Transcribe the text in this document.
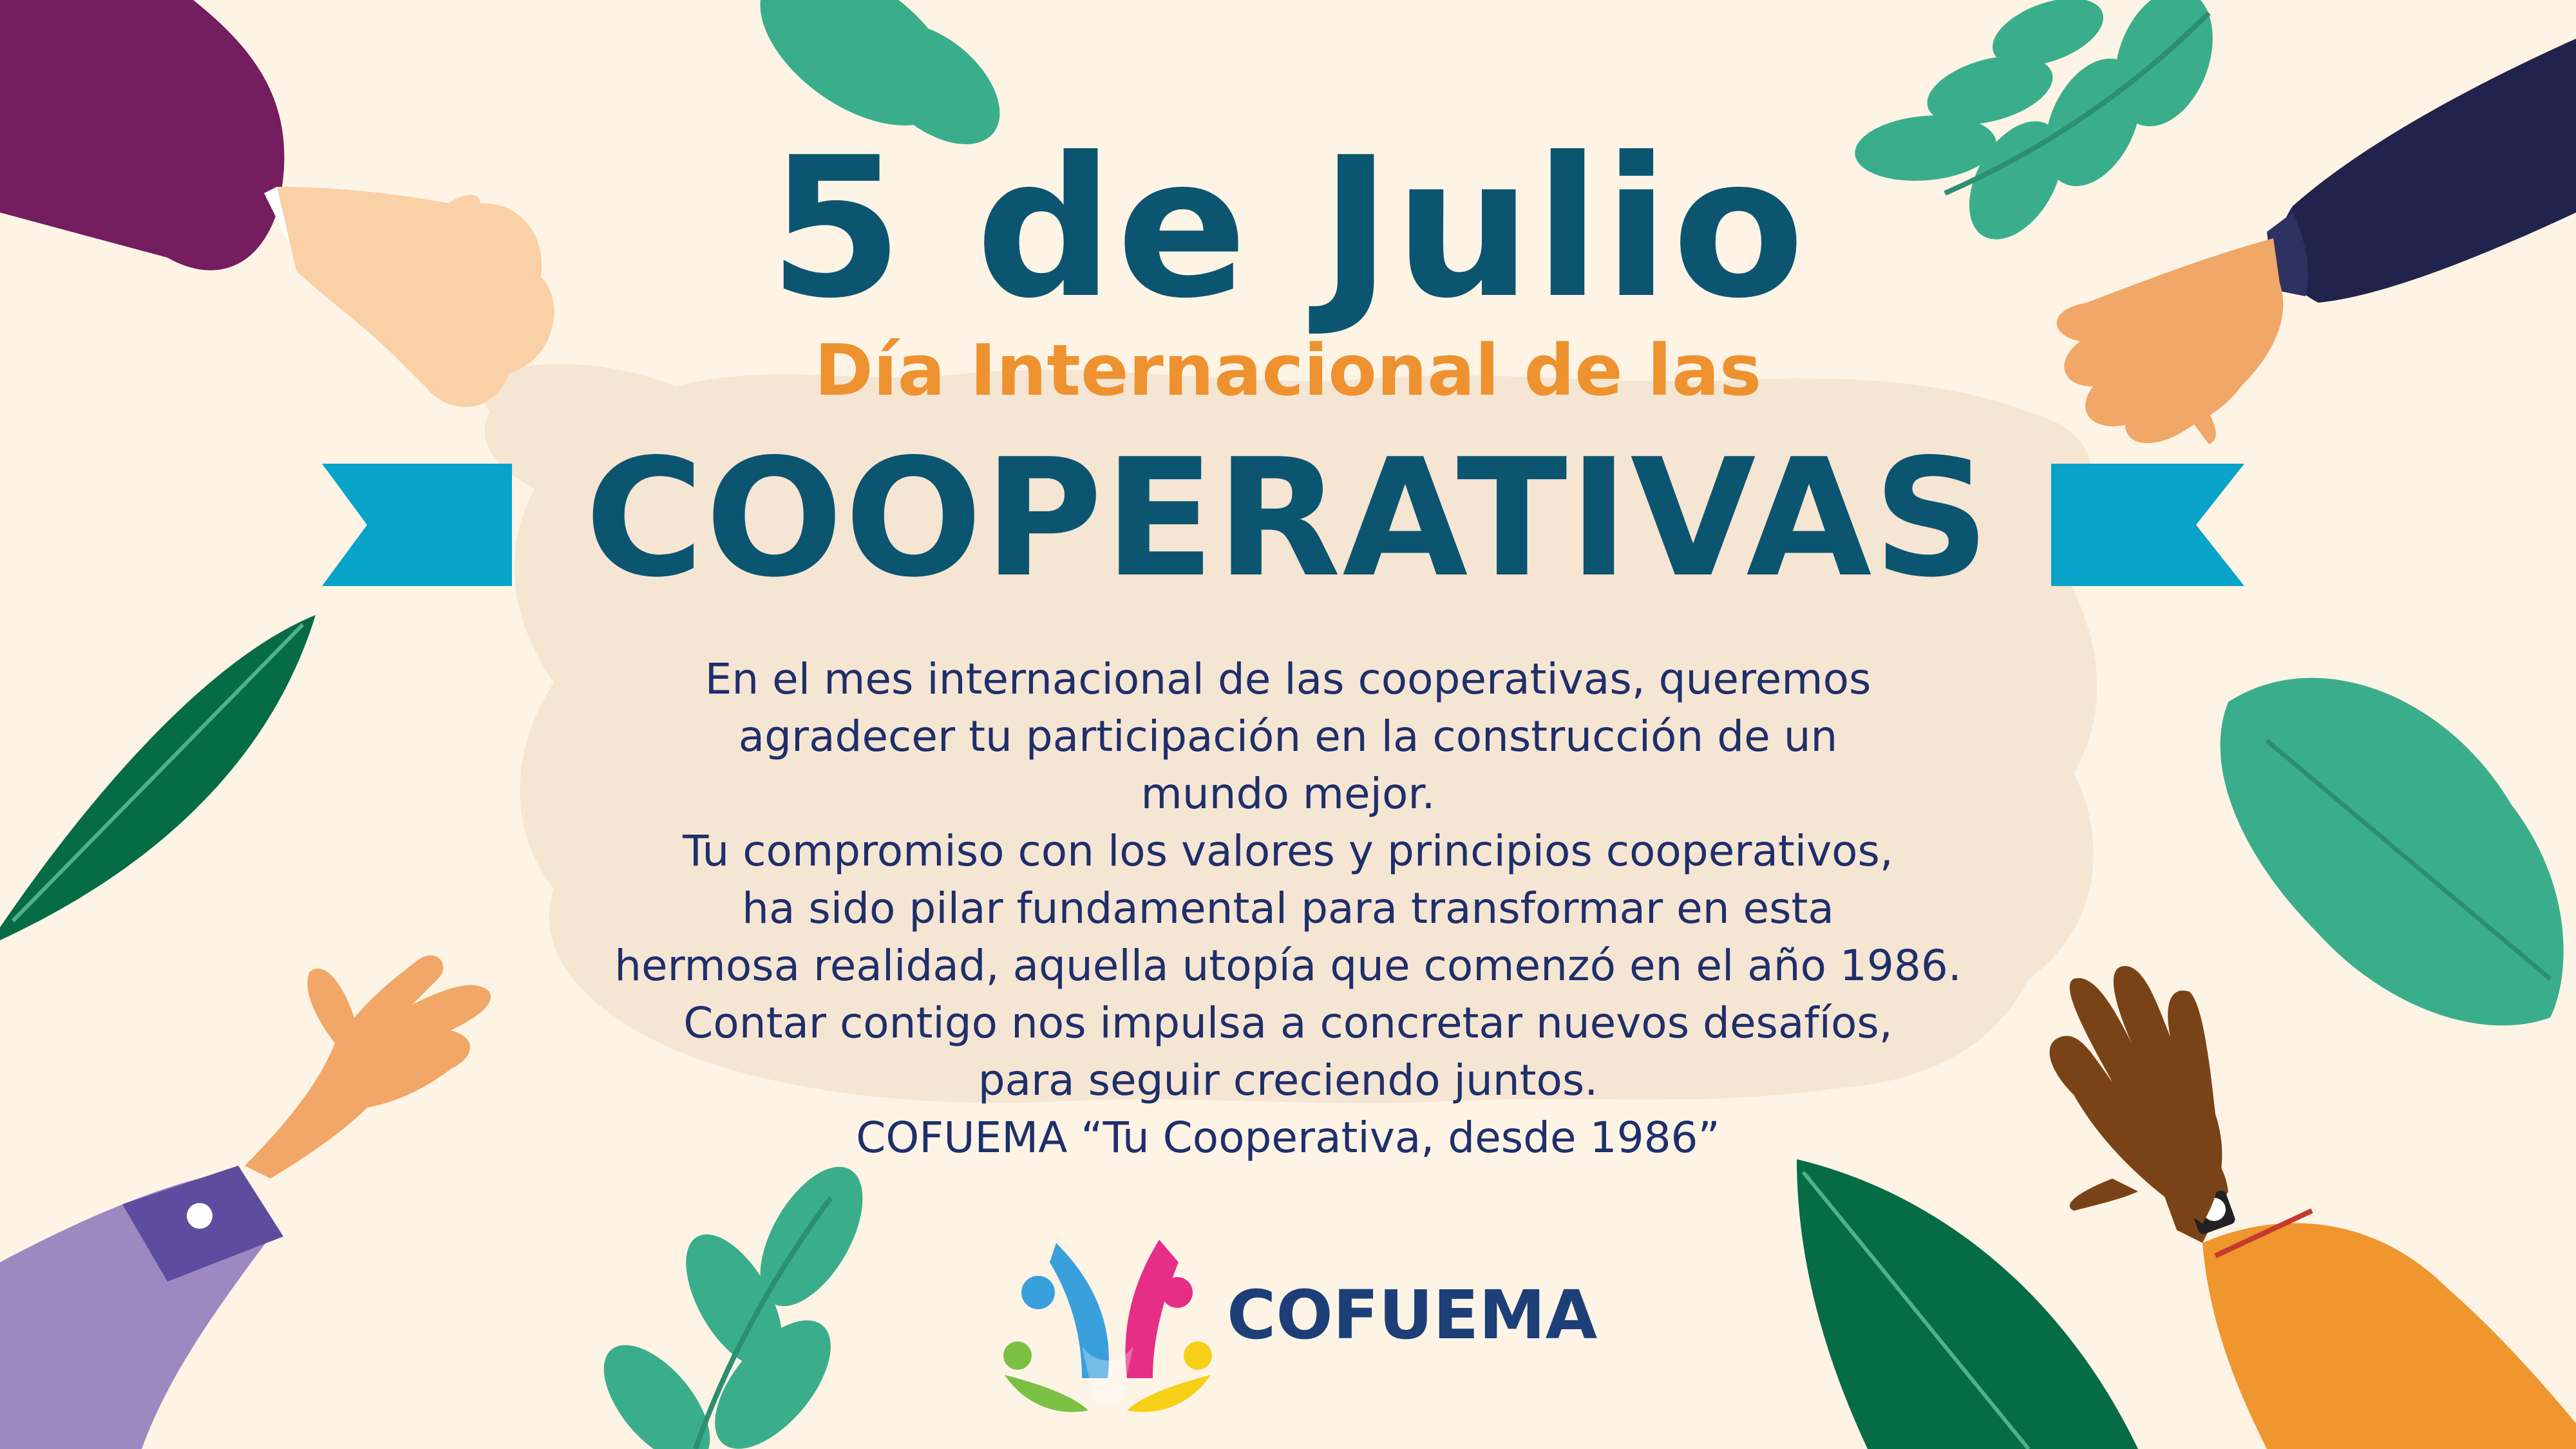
5 de Julio
Día Internacional de las
COOPERATIVAS
En el mes internacional de las cooperativas, queremos
agradecer tu participación en la construcción de un
mundo mejor.
Tu compromiso con los valores y principios cooperativos,
ha sido pilar fundamental para transformar en esta
hermosa realidad, aquella utopía que comenzó en el año 1986.
Contar contigo nos impulsa a concretar nuevos desafíos,
para seguir creciendo juntos.
COFUEMA “Tu Cooperativa, desde 1986”
COFUEMA
